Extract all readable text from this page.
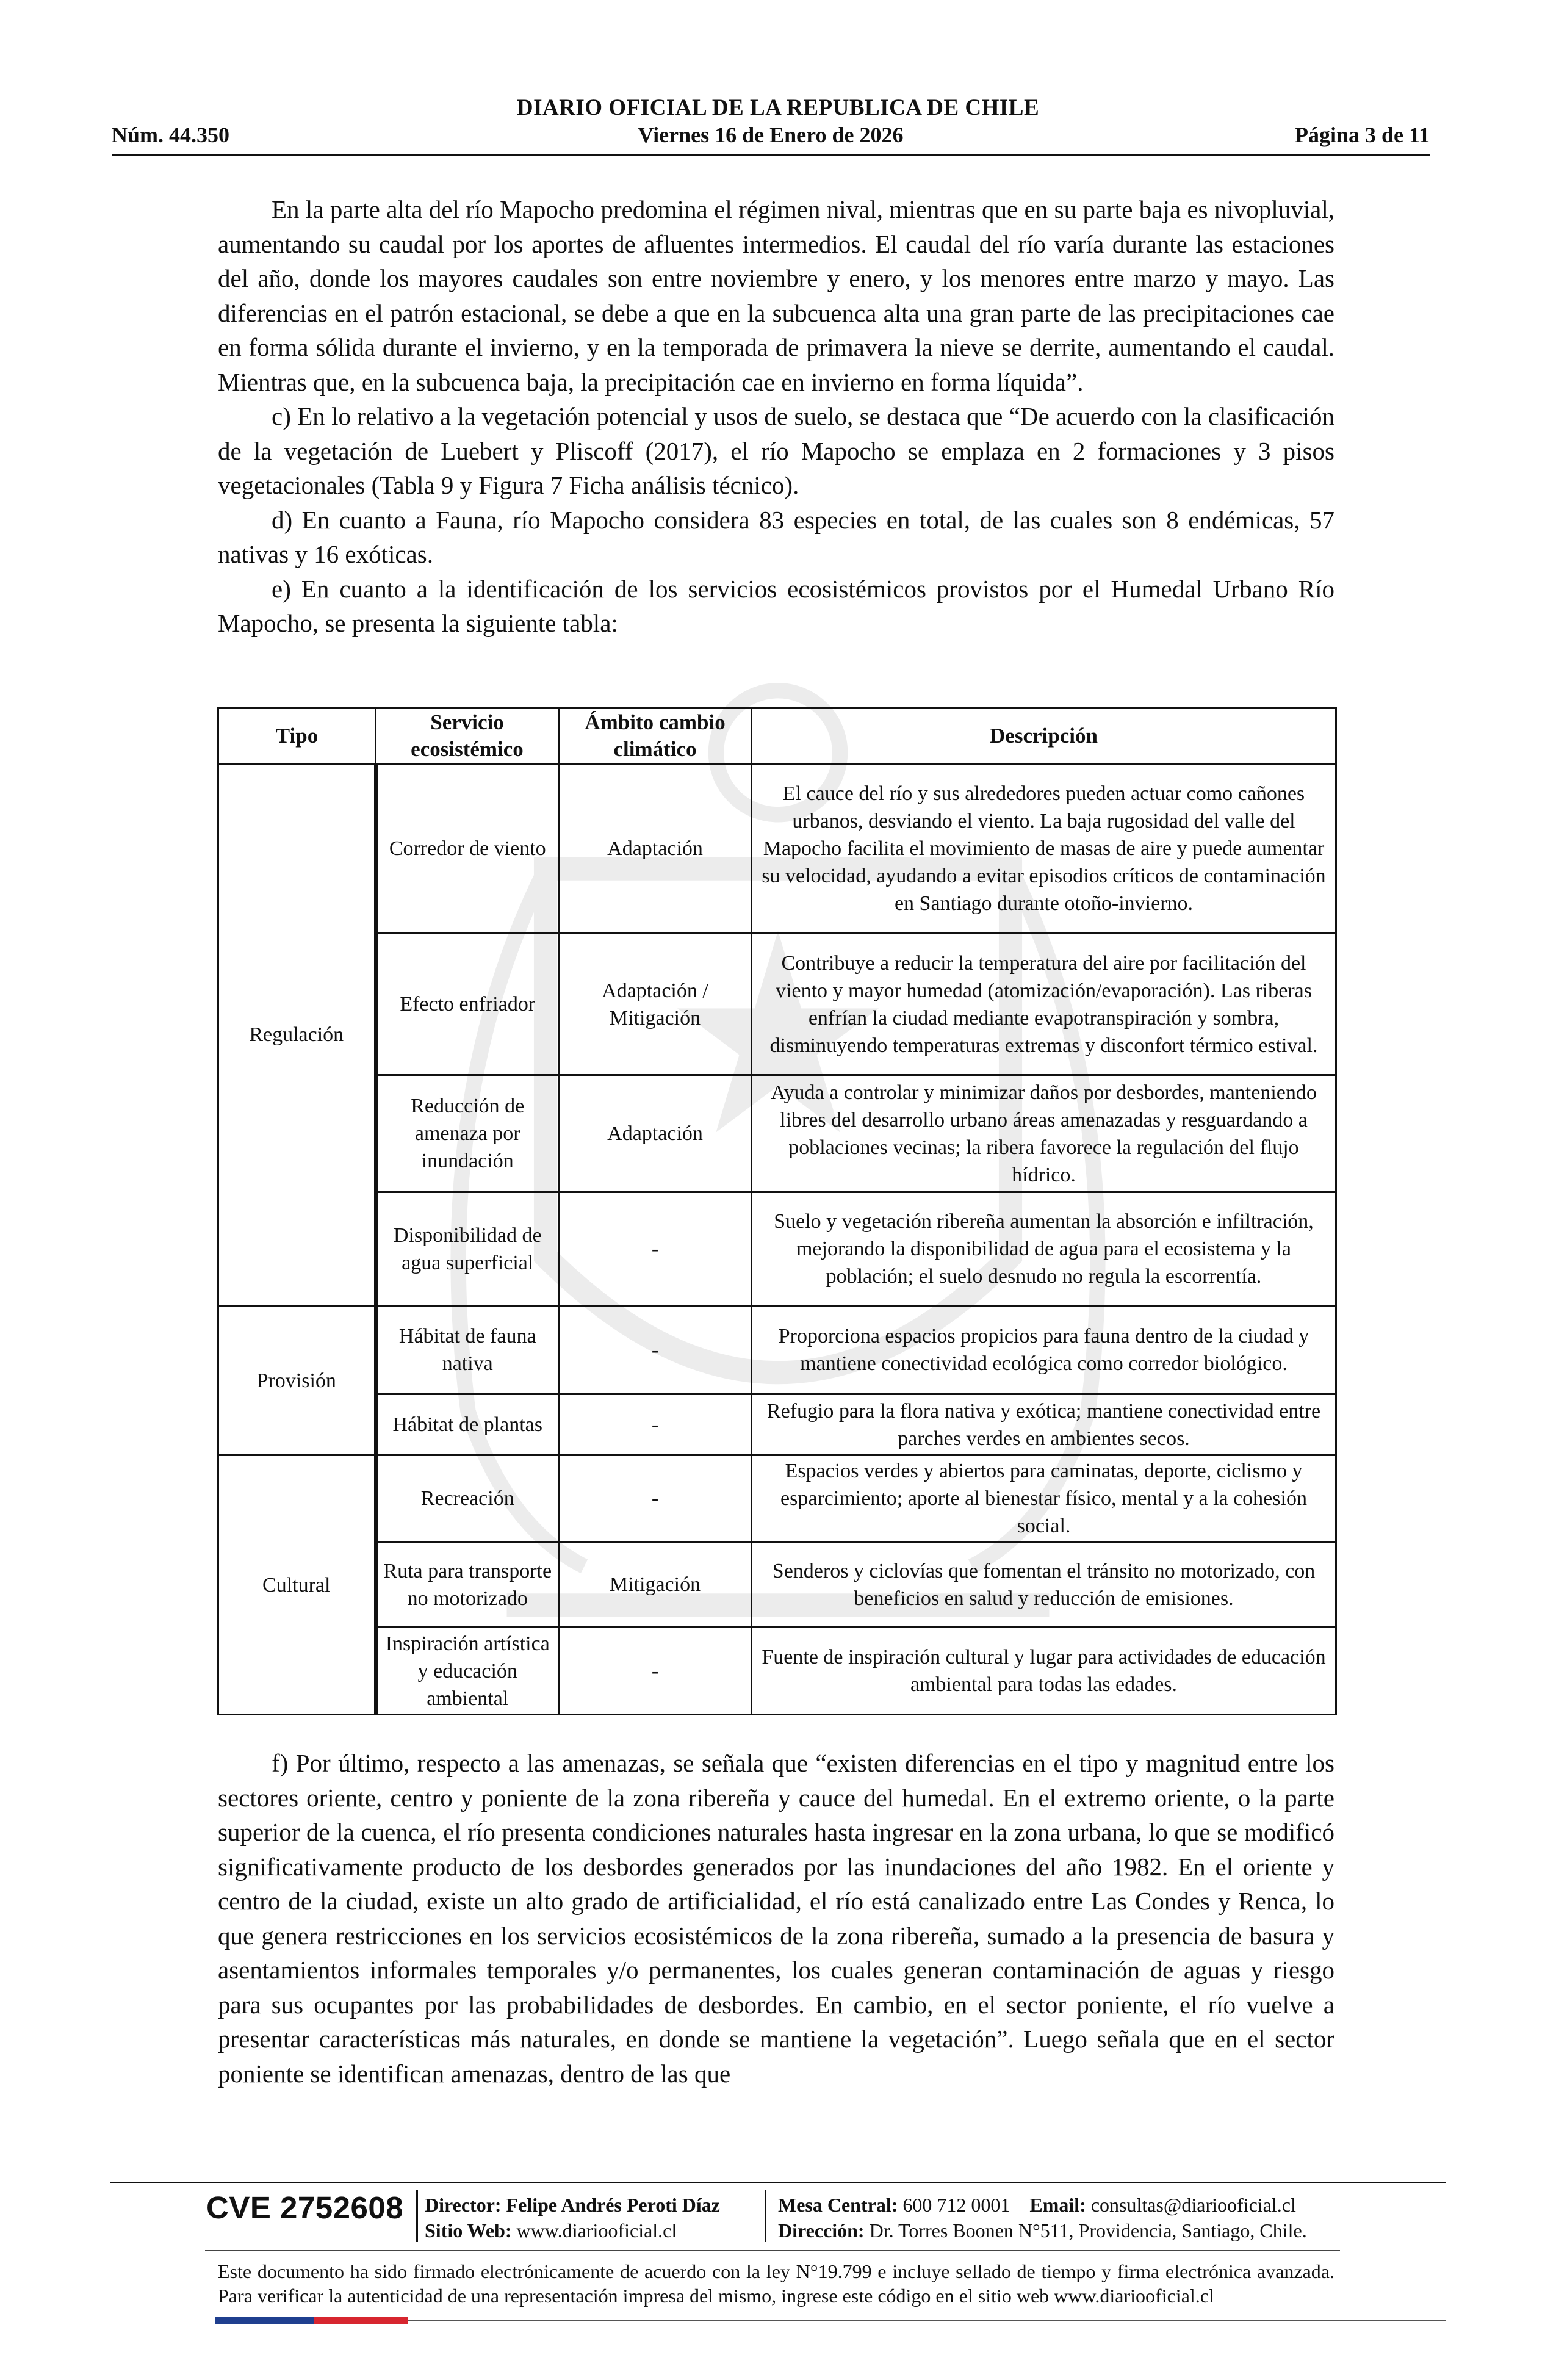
DIARIO OFICIAL DE LA REPUBLICA DE CHILE
Núm. 44.350	Viernes 16 de Enero de 2026	Página 3 de 11

En la parte alta del río Mapocho predomina el régimen nival, mientras que en su parte baja es nivopluvial, aumentando su caudal por los aportes de afluentes intermedios. El caudal del río varía durante las estaciones del año, donde los mayores caudales son entre noviembre y enero, y los menores entre marzo y mayo. Las diferencias en el patrón estacional, se debe a que en la subcuenca alta una gran parte de las precipitaciones cae en forma sólida durante el invierno, y en la temporada de primavera la nieve se derrite, aumentando el caudal. Mientras que, en la subcuenca baja, la precipitación cae en invierno en forma líquida”.

c) En lo relativo a la vegetación potencial y usos de suelo, se destaca que “De acuerdo con la clasificación de la vegetación de Luebert y Pliscoff (2017), el río Mapocho se emplaza en 2 formaciones y 3 pisos vegetacionales (Tabla 9 y Figura 7 Ficha análisis técnico).

d) En cuanto a Fauna, río Mapocho considera 83 especies en total, de las cuales son 8 endémicas, 57 nativas y 16 exóticas.

e) En cuanto a la identificación de los servicios ecosistémicos provistos por el Humedal Urbano Río Mapocho, se presenta la siguiente tabla:

Tipo	Servicio ecosistémico	Ámbito cambio climático	Descripción
Regulación	Corredor de viento	Adaptación	El cauce del río y sus alrededores pueden actuar como cañones urbanos, desviando el viento. La baja rugosidad del valle del Mapocho facilita el movimiento de masas de aire y puede aumentar su velocidad, ayudando a evitar episodios críticos de contaminación en Santiago durante otoño-invierno.
	Efecto enfriador	Adaptación / Mitigación	Contribuye a reducir la temperatura del aire por facilitación del viento y mayor humedad (atomización/evaporación). Las riberas enfrían la ciudad mediante evapotranspiración y sombra, disminuyendo temperaturas extremas y disconfort térmico estival.
	Reducción de amenaza por inundación	Adaptación	Ayuda a controlar y minimizar daños por desbordes, manteniendo libres del desarrollo urbano áreas amenazadas y resguardando a poblaciones vecinas; la ribera favorece la regulación del flujo hídrico.
	Disponibilidad de agua superficial	-	Suelo y vegetación ribereña aumentan la absorción e infiltración, mejorando la disponibilidad de agua para el ecosistema y la población; el suelo desnudo no regula la escorrentía.
Provisión	Hábitat de fauna nativa	-	Proporciona espacios propicios para fauna dentro de la ciudad y mantiene conectividad ecológica como corredor biológico.
	Hábitat de plantas	-	Refugio para la flora nativa y exótica; mantiene conectividad entre parches verdes en ambientes secos.
Cultural	Recreación	-	Espacios verdes y abiertos para caminatas, deporte, ciclismo y esparcimiento; aporte al bienestar físico, mental y a la cohesión social.
	Ruta para transporte no motorizado	Mitigación	Senderos y ciclovías que fomentan el tránsito no motorizado, con beneficios en salud y reducción de emisiones.
	Inspiración artística y educación ambiental	-	Fuente de inspiración cultural y lugar para actividades de educación ambiental para todas las edades.

f) Por último, respecto a las amenazas, se señala que “existen diferencias en el tipo y magnitud entre los sectores oriente, centro y poniente de la zona ribereña y cauce del humedal. En el extremo oriente, o la parte superior de la cuenca, el río presenta condiciones naturales hasta ingresar en la zona urbana, lo que se modificó significativamente producto de los desbordes generados por las inundaciones del año 1982. En el oriente y centro de la ciudad, existe un alto grado de artificialidad, el río está canalizado entre Las Condes y Renca, lo que genera restricciones en los servicios ecosistémicos de la zona ribereña, sumado a la presencia de basura y asentamientos informales temporales y/o permanentes, los cuales generan contaminación de aguas y riesgo para sus ocupantes por las probabilidades de desbordes. En cambio, en el sector poniente, el río vuelve a presentar características más naturales, en donde se mantiene la vegetación”. Luego señala que en el sector poniente se identifican amenazas, dentro de las que

CVE 2752608 Director: Felipe Andrés Peroti Díaz
Sitio Web: www.diariooficial.cl
Mesa Central: 600 712 0001 Email: consultas@diariooficial.cl
Dirección: Dr. Torres Boonen N°511, Providencia, Santiago, Chile.
Este documento ha sido firmado electrónicamente de acuerdo con la ley N°19.799 e incluye sellado de tiempo y firma electrónica avanzada. Para verificar la autenticidad de una representación impresa del mismo, ingrese este código en el sitio web www.diariooficial.cl
